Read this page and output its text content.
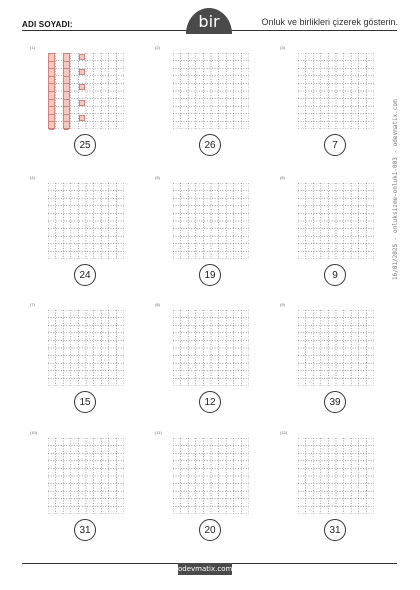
ADI SOYADI:	bir	Onluk ve birlikleri çizerek gösterin.
(1)
25
(2)
26
(3)
7
(4)
24
(5)
19
(6)
9
(7)
15
(8)
12
(9)
39
(10)
31
(11)
20
(12)
31
16/01/2025 - onluksizme-onluk1-003 - odevmatix.com
odevmatix.com
